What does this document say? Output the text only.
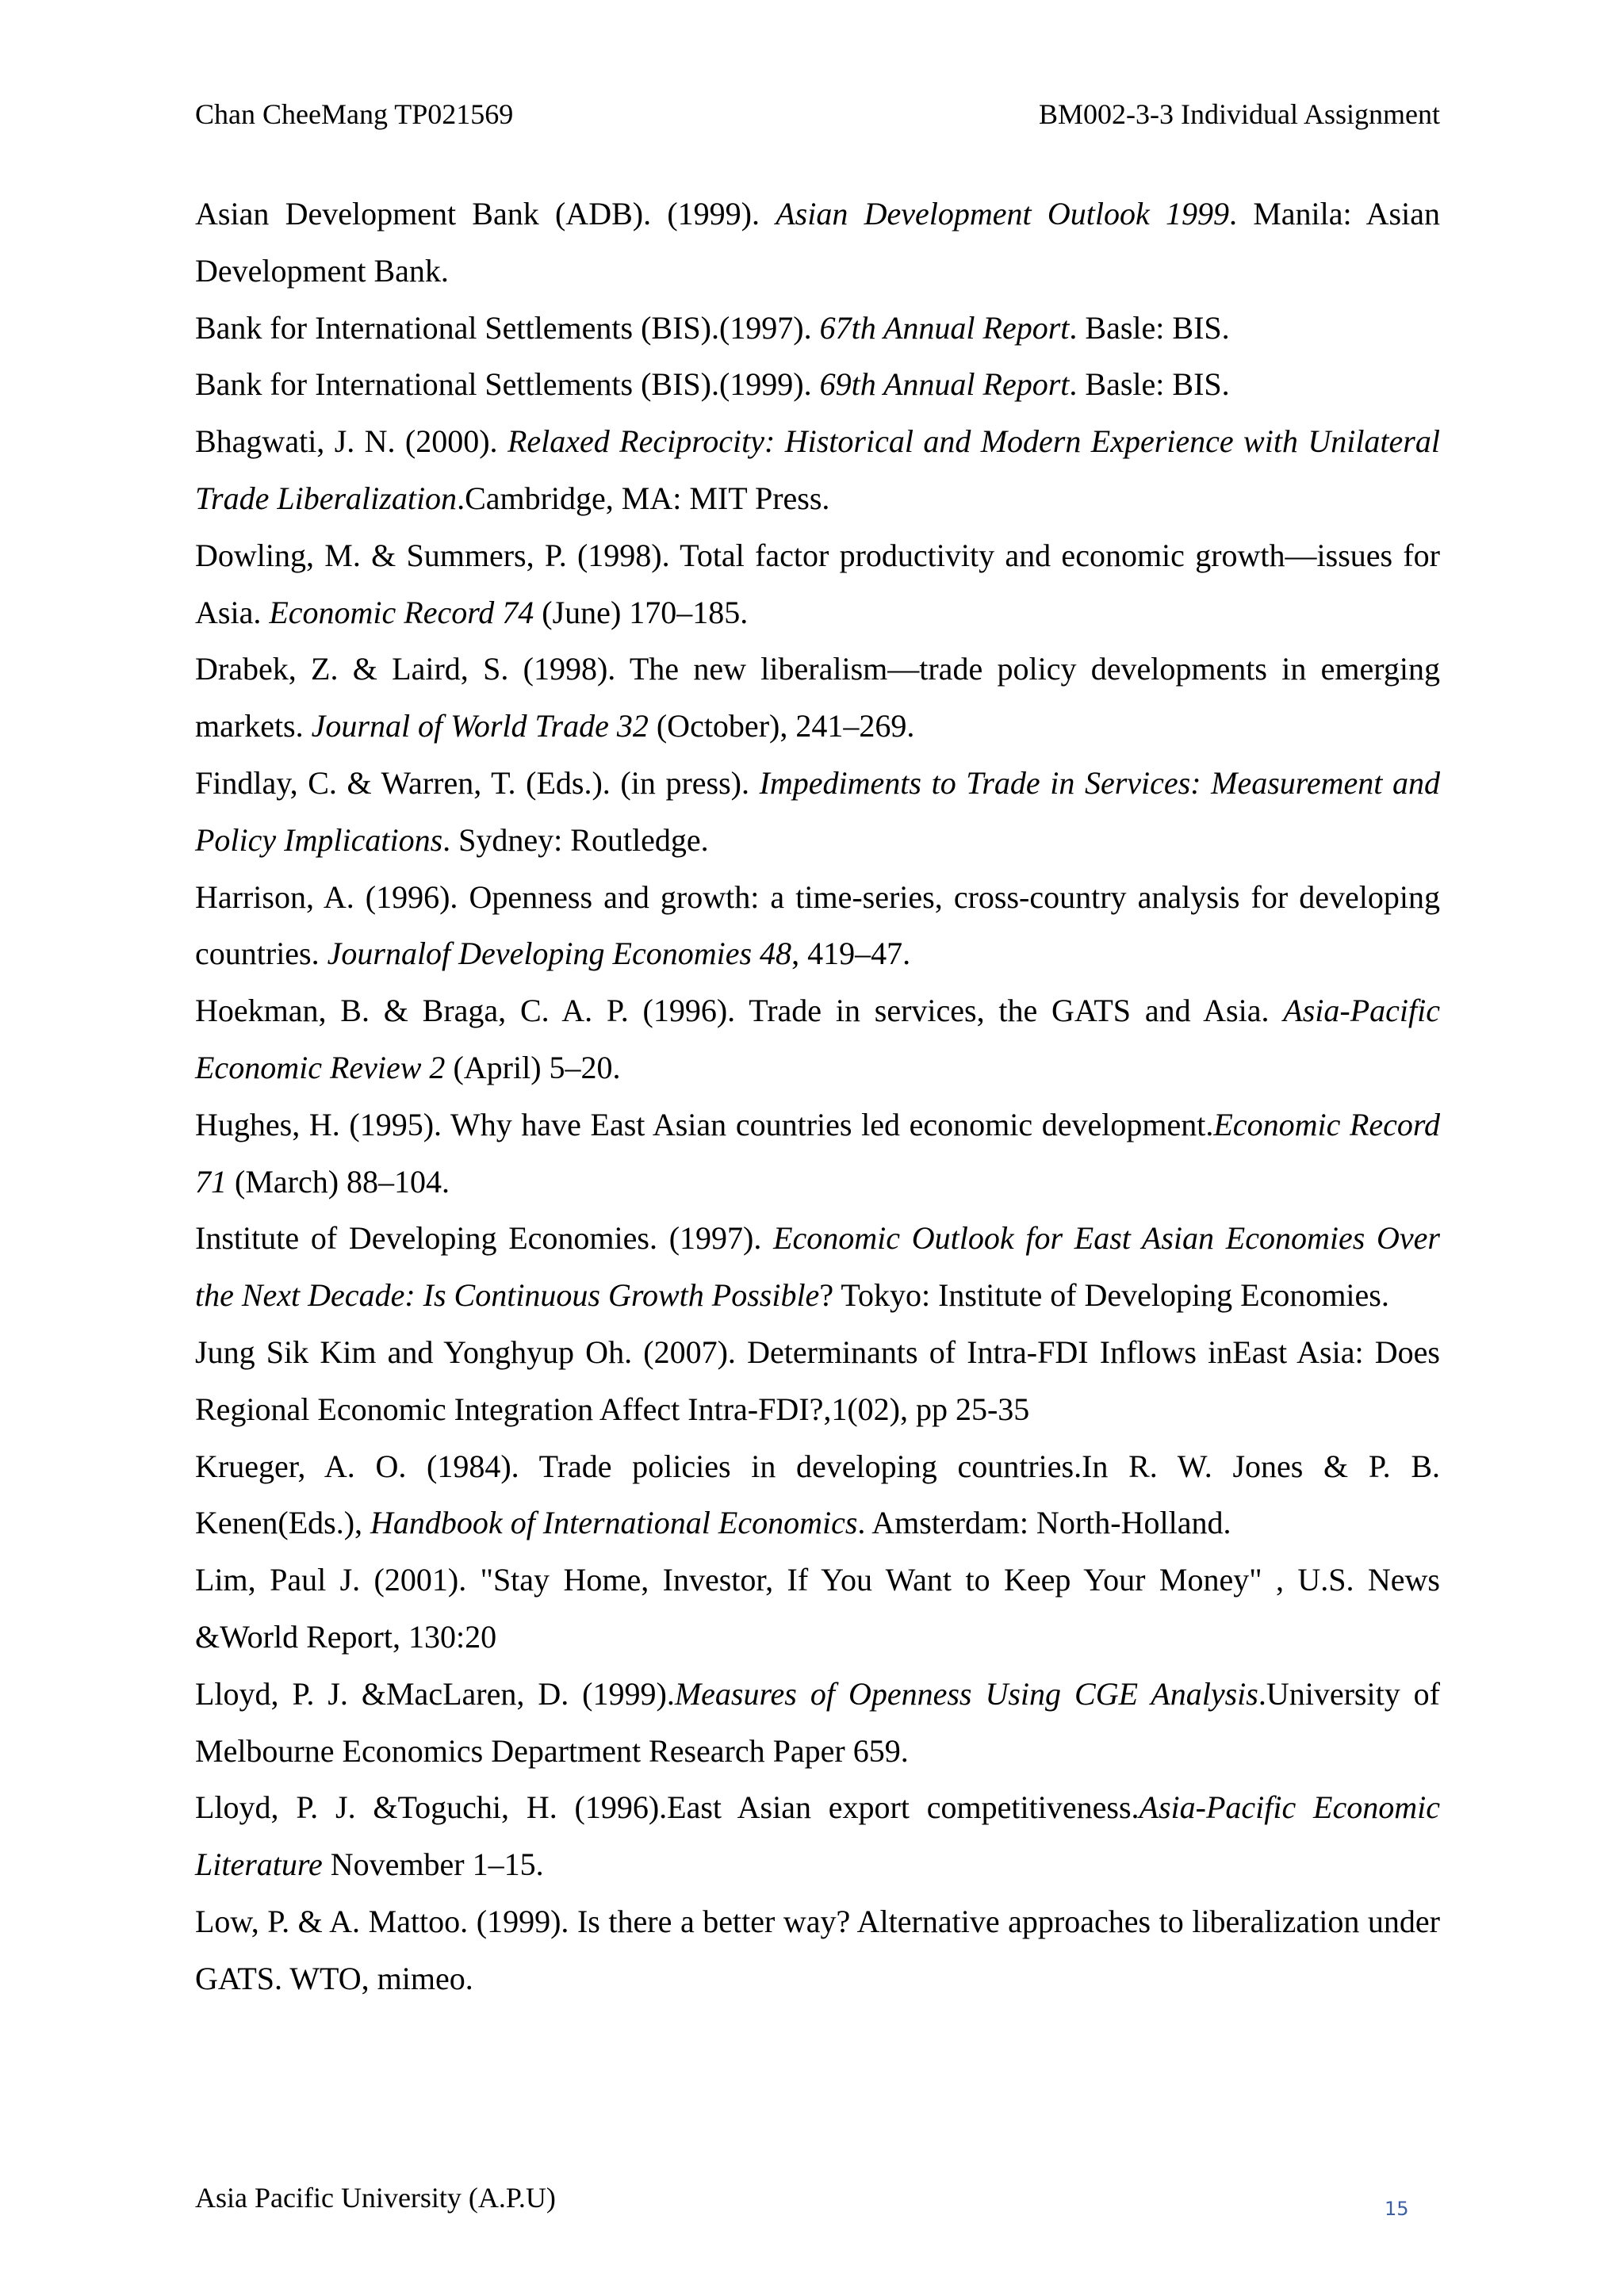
Chan CheeMang TP021569	BM002-3-3 Individual Assignment
Asian Development Bank (ADB). (1999). Asian Development Outlook 1999. Manila: Asian Development Bank.
Bank for International Settlements (BIS).(1997). 67th Annual Report. Basle: BIS.
Bank for International Settlements (BIS).(1999). 69th Annual Report. Basle: BIS.
Bhagwati, J. N. (2000). Relaxed Reciprocity: Historical and Modern Experience with Unilateral Trade Liberalization.Cambridge, MA: MIT Press.
Dowling, M. & Summers, P. (1998). Total factor productivity and economic growth—issues for Asia. Economic Record 74 (June) 170–185.
Drabek, Z. & Laird, S. (1998). The new liberalism—trade policy developments in emerging markets. Journal of World Trade 32 (October), 241–269.
Findlay, C. & Warren, T. (Eds.). (in press). Impediments to Trade in Services: Measurement and Policy Implications. Sydney: Routledge.
Harrison, A. (1996). Openness and growth: a time-series, cross-country analysis for developing countries. Journalof Developing Economies 48, 419–47.
Hoekman, B. & Braga, C. A. P. (1996). Trade in services, the GATS and Asia. Asia-Pacific Economic Review 2 (April) 5–20.
Hughes, H. (1995). Why have East Asian countries led economic development.Economic Record 71 (March) 88–104.
Institute of Developing Economies. (1997). Economic Outlook for East Asian Economies Over the Next Decade: Is Continuous Growth Possible? Tokyo: Institute of Developing Economies.
Jung Sik Kim and Yonghyup Oh. (2007). Determinants of Intra-FDI Inflows inEast Asia: Does Regional Economic Integration Affect Intra-FDI?,1(02), pp 25-35
Krueger, A. O. (1984). Trade policies in developing countries.In R. W. Jones & P. B. Kenen(Eds.), Handbook of International Economics. Amsterdam: North-Holland.
Lim, Paul J. (2001). "Stay Home, Investor, If You Want to Keep Your Money" , U.S. News &World Report, 130:20
Lloyd, P. J. &MacLaren, D. (1999).Measures of Openness Using CGE Analysis.University of Melbourne Economics Department Research Paper 659.
Lloyd, P. J. &Toguchi, H. (1996).East Asian export competitiveness.Asia-Pacific Economic Literature November 1–15.
Low, P. & A. Mattoo. (1999). Is there a better way? Alternative approaches to liberalization under GATS. WTO, mimeo.
Asia Pacific University (A.P.U)	15
